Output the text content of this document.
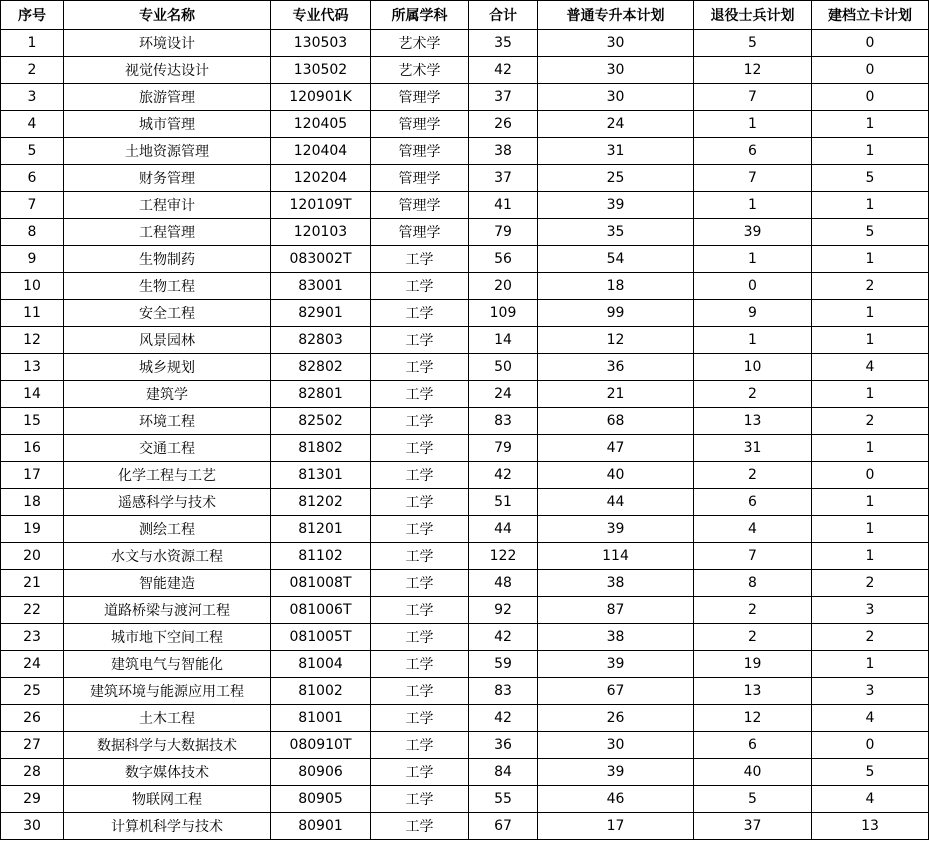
序号	专业名称	专业代码	所属学科	合计	普通专升本计划	退役士兵计划	建档立卡计划
1	环境设计	130503	艺术学	35	30	5	0
2	视觉传达设计	130502	艺术学	42	30	12	0
3	旅游管理	120901K	管理学	37	30	7	0
4	城市管理	120405	管理学	26	24	1	1
5	土地资源管理	120404	管理学	38	31	6	1
6	财务管理	120204	管理学	37	25	7	5
7	工程审计	120109T	管理学	41	39	1	1
8	工程管理	120103	管理学	79	35	39	5
9	生物制药	083002T	工学	56	54	1	1
10	生物工程	83001	工学	20	18	0	2
11	安全工程	82901	工学	109	99	9	1
12	风景园林	82803	工学	14	12	1	1
13	城乡规划	82802	工学	50	36	10	4
14	建筑学	82801	工学	24	21	2	1
15	环境工程	82502	工学	83	68	13	2
16	交通工程	81802	工学	79	47	31	1
17	化学工程与工艺	81301	工学	42	40	2	0
18	遥感科学与技术	81202	工学	51	44	6	1
19	测绘工程	81201	工学	44	39	4	1
20	水文与水资源工程	81102	工学	122	114	7	1
21	智能建造	081008T	工学	48	38	8	2
22	道路桥梁与渡河工程	081006T	工学	92	87	2	3
23	城市地下空间工程	081005T	工学	42	38	2	2
24	建筑电气与智能化	81004	工学	59	39	19	1
25	建筑环境与能源应用工程	81002	工学	83	67	13	3
26	土木工程	81001	工学	42	26	12	4
27	数据科学与大数据技术	080910T	工学	36	30	6	0
28	数字媒体技术	80906	工学	84	39	40	5
29	物联网工程	80905	工学	55	46	5	4
30	计算机科学与技术	80901	工学	67	17	37	13
